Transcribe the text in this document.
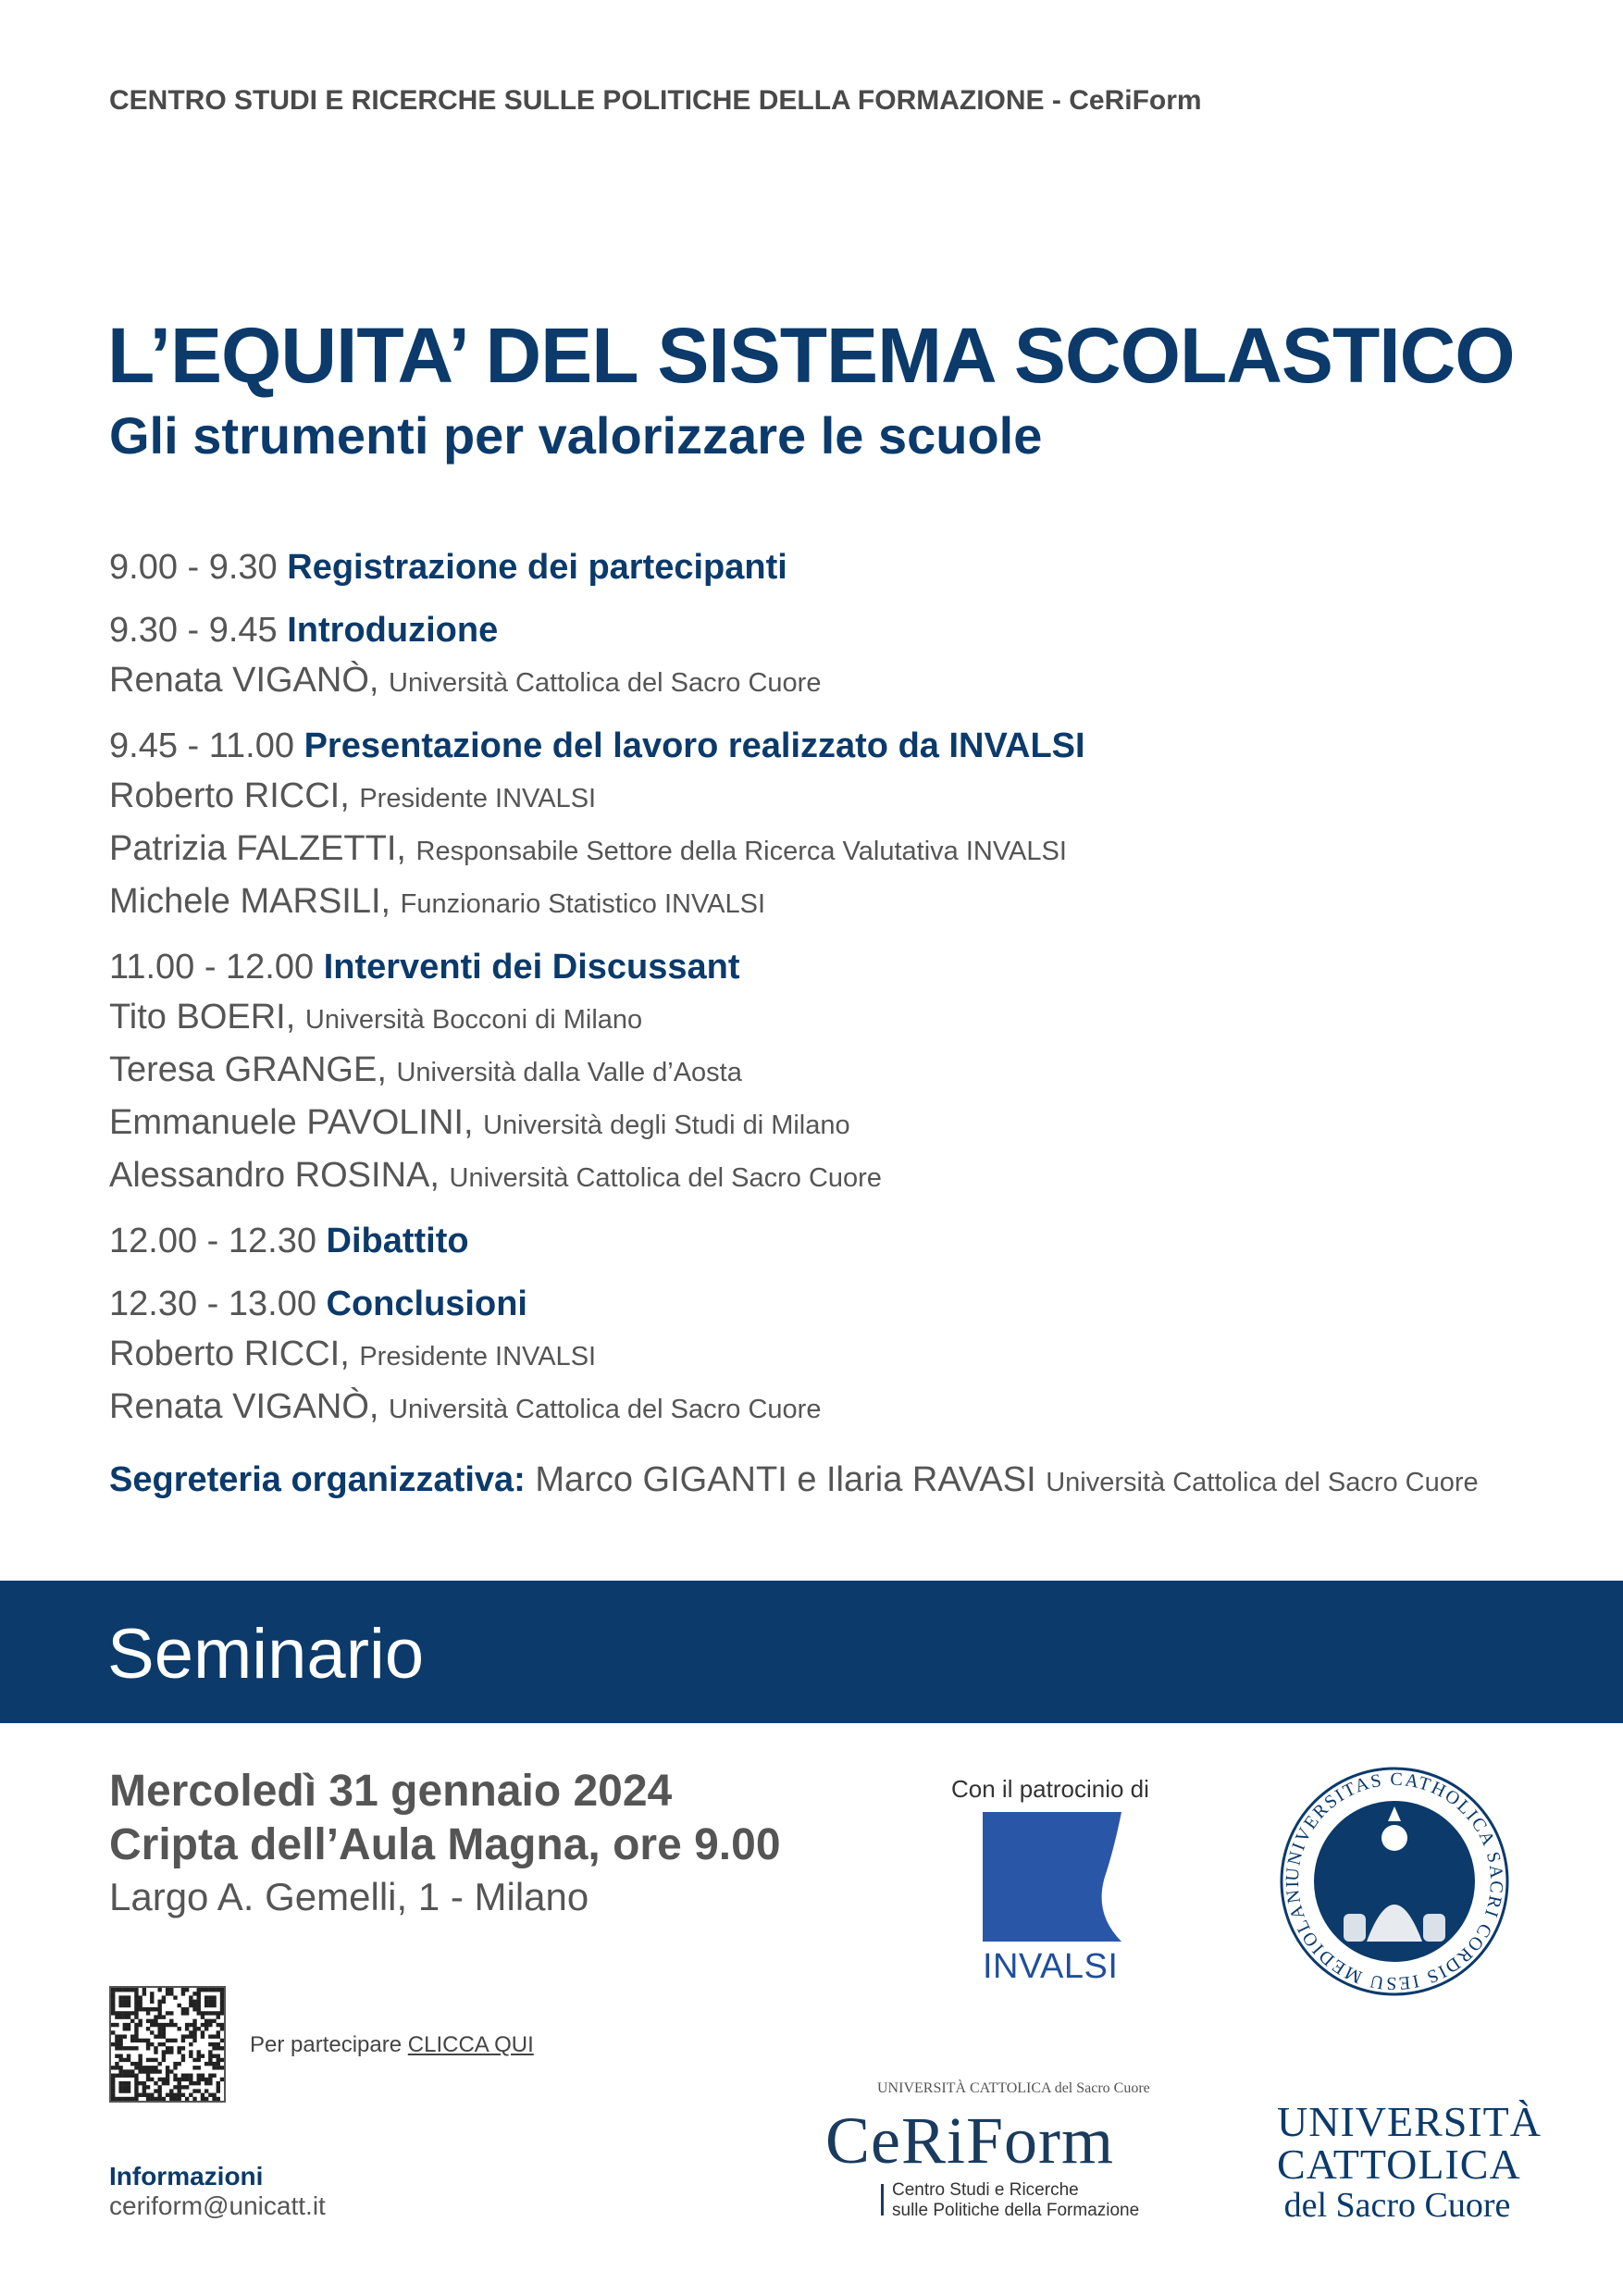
CENTRO STUDI E RICERCHE SULLE POLITICHE DELLA FORMAZIONE - CeRiForm
L’EQUITA’ DEL SISTEMA SCOLASTICO
Gli strumenti per valorizzare le scuole
9.00 - 9.30 Registrazione dei partecipanti
9.30 - 9.45 Introduzione
Renata VIGANÒ, Università Cattolica del Sacro Cuore
9.45 - 11.00 Presentazione del lavoro realizzato da INVALSI
Roberto RICCI, Presidente INVALSI
Patrizia FALZETTI, Responsabile Settore della Ricerca Valutativa INVALSI
Michele MARSILI, Funzionario Statistico INVALSI
11.00 - 12.00 Interventi dei Discussant
Tito BOERI, Università Bocconi di Milano
Teresa GRANGE, Università dalla Valle d’Aosta
Emmanuele PAVOLINI, Università degli Studi di Milano
Alessandro ROSINA, Università Cattolica del Sacro Cuore
12.00 - 12.30 Dibattito
12.30 - 13.00 Conclusioni
Roberto RICCI, Presidente INVALSI
Renata VIGANÒ, Università Cattolica del Sacro Cuore
Segreteria organizzativa: Marco GIGANTI e Ilaria RAVASI Università Cattolica del Sacro Cuore
Seminario
Mercoledì 31 gennaio 2024
Cripta dell’Aula Magna, ore 9.00
Largo A. Gemelli, 1 - Milano
Per partecipare CLICCA QUI
Informazioni
ceriform@unicatt.it
Con il patrocinio di
INVALSI
UNIVERSITAS CATHOLICA SACRI CORDIS IESU MEDIOLANI
UNIVERSITÀ
CATTOLICA
del Sacro Cuore
UNIVERSITÀ CATTOLICA del Sacro Cuore
CeRiForm
Centro Studi e Ricerche
sulle Politiche della Formazione
